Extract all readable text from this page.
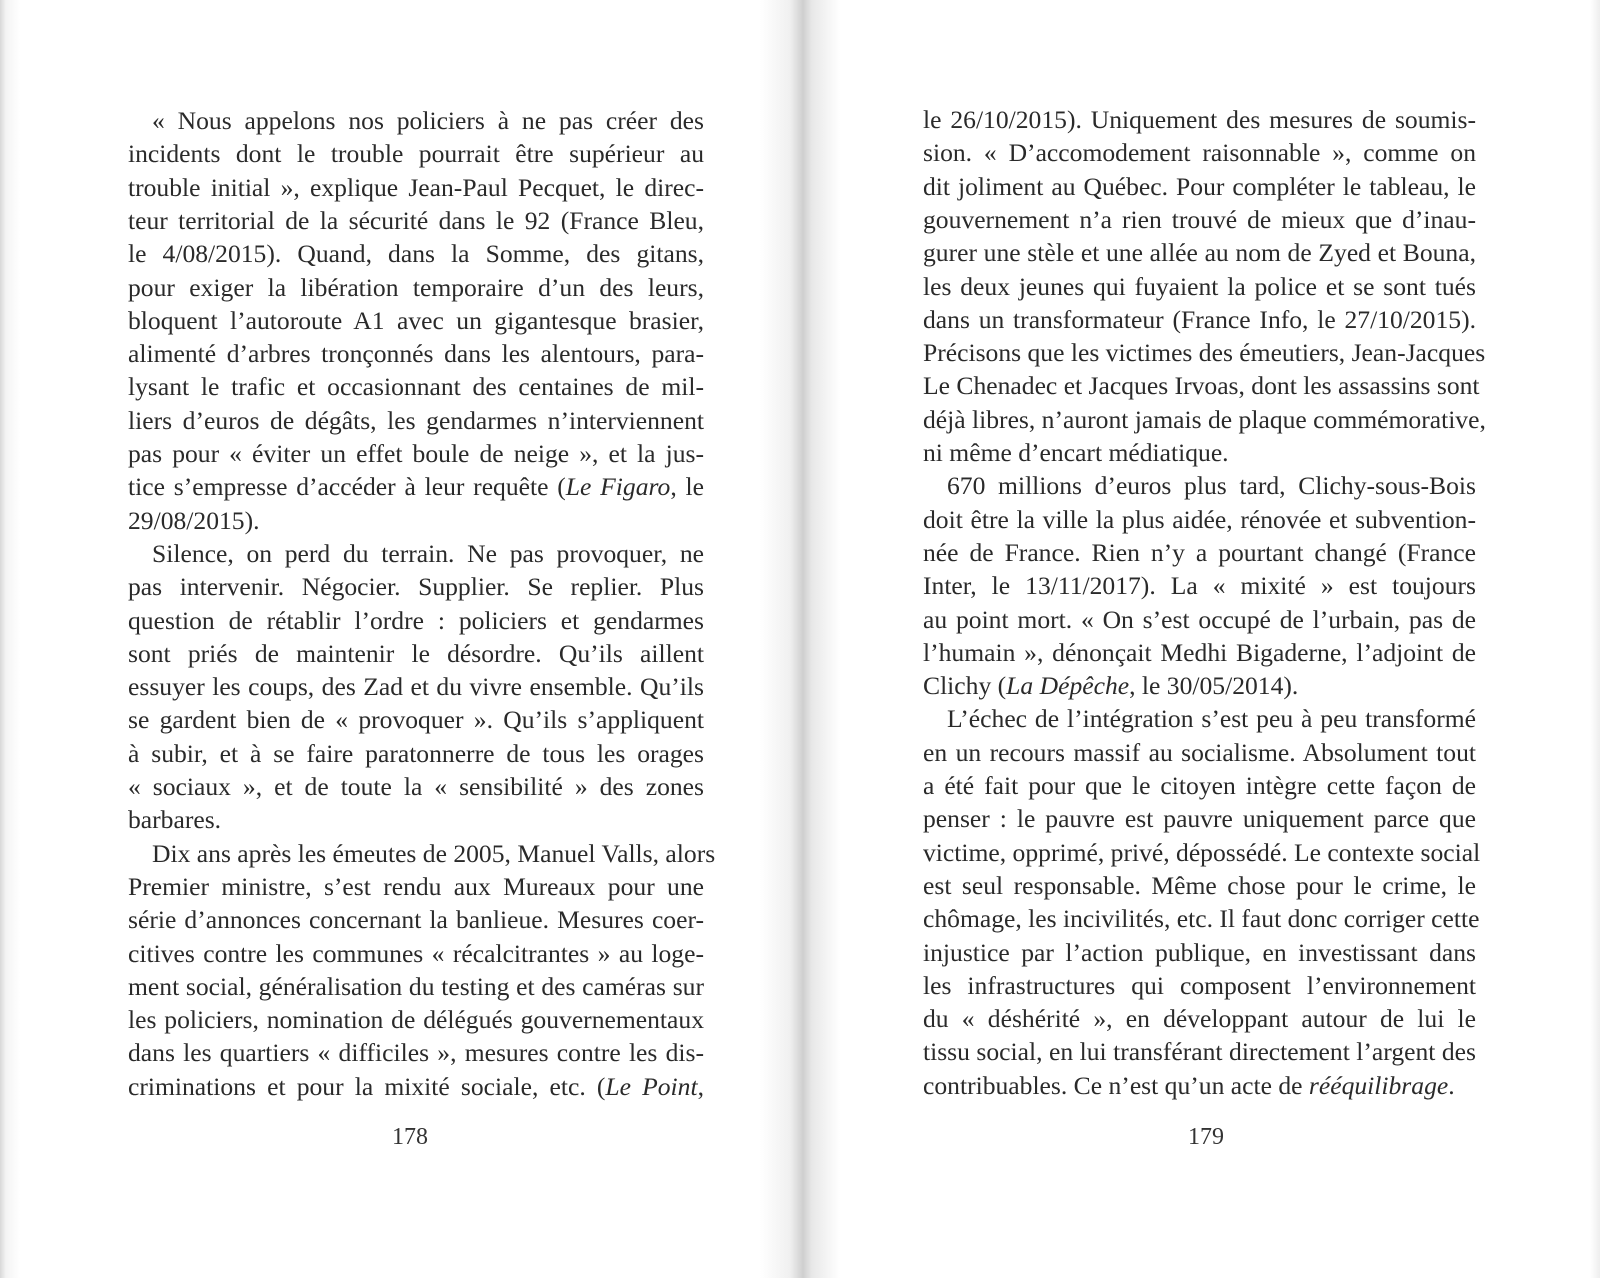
« Nous appelons nos policiers à ne pas créer des
incidents dont le trouble pourrait être supérieur au
trouble initial », explique Jean-Paul Pecquet, le direc-
teur territorial de la sécurité dans le 92 (France Bleu,
le 4/08/2015). Quand, dans la Somme, des gitans,
pour exiger la libération temporaire d’un des leurs,
bloquent l’autoroute A1 avec un gigantesque brasier,
alimenté d’arbres tronçonnés dans les alentours, para-
lysant le trafic et occasionnant des centaines de mil-
liers d’euros de dégâts, les gendarmes n’interviennent
pas pour « éviter un effet boule de neige », et la jus-
tice s’empresse d’accéder à leur requête (Le Figaro, le
29/08/2015).
Silence, on perd du terrain. Ne pas provoquer, ne
pas intervenir. Négocier. Supplier. Se replier. Plus
question de rétablir l’ordre : policiers et gendarmes
sont priés de maintenir le désordre. Qu’ils aillent
essuyer les coups, des Zad et du vivre ensemble. Qu’ils
se gardent bien de « provoquer ». Qu’ils s’appliquent
à subir, et à se faire paratonnerre de tous les orages
« sociaux », et de toute la « sensibilité » des zones
barbares.
Dix ans après les émeutes de 2005, Manuel Valls, alors
Premier ministre, s’est rendu aux Mureaux pour une
série d’annonces concernant la banlieue. Mesures coer-
citives contre les communes « récalcitrantes » au loge-
ment social, généralisation du testing et des caméras sur
les policiers, nomination de délégués gouvernementaux
dans les quartiers « difficiles », mesures contre les dis-
criminations et pour la mixité sociale, etc. (Le Point,
178
le 26/10/2015). Uniquement des mesures de soumis-
sion. « D’accomodement raisonnable », comme on
dit joliment au Québec. Pour compléter le tableau, le
gouvernement n’a rien trouvé de mieux que d’inau-
gurer une stèle et une allée au nom de Zyed et Bouna,
les deux jeunes qui fuyaient la police et se sont tués
dans un transformateur (France Info, le 27/10/2015).
Précisons que les victimes des émeutiers, Jean-Jacques
Le Chenadec et Jacques Irvoas, dont les assassins sont
déjà libres, n’auront jamais de plaque commémorative,
ni même d’encart médiatique.
670 millions d’euros plus tard, Clichy-sous-Bois
doit être la ville la plus aidée, rénovée et subvention-
née de France. Rien n’y a pourtant changé (France
Inter, le 13/11/2017). La « mixité » est toujours
au point mort. « On s’est occupé de l’urbain, pas de
l’humain », dénonçait Medhi Bigaderne, l’adjoint de
Clichy (La Dépêche, le 30/05/2014).
L’échec de l’intégration s’est peu à peu transformé
en un recours massif au socialisme. Absolument tout
a été fait pour que le citoyen intègre cette façon de
penser : le pauvre est pauvre uniquement parce que
victime, opprimé, privé, dépossédé. Le contexte social
est seul responsable. Même chose pour le crime, le
chômage, les incivilités, etc. Il faut donc corriger cette
injustice par l’action publique, en investissant dans
les infrastructures qui composent l’environnement
du « déshérité », en développant autour de lui le
tissu social, en lui transférant directement l’argent des
contribuables. Ce n’est qu’un acte de rééquilibrage.
179
